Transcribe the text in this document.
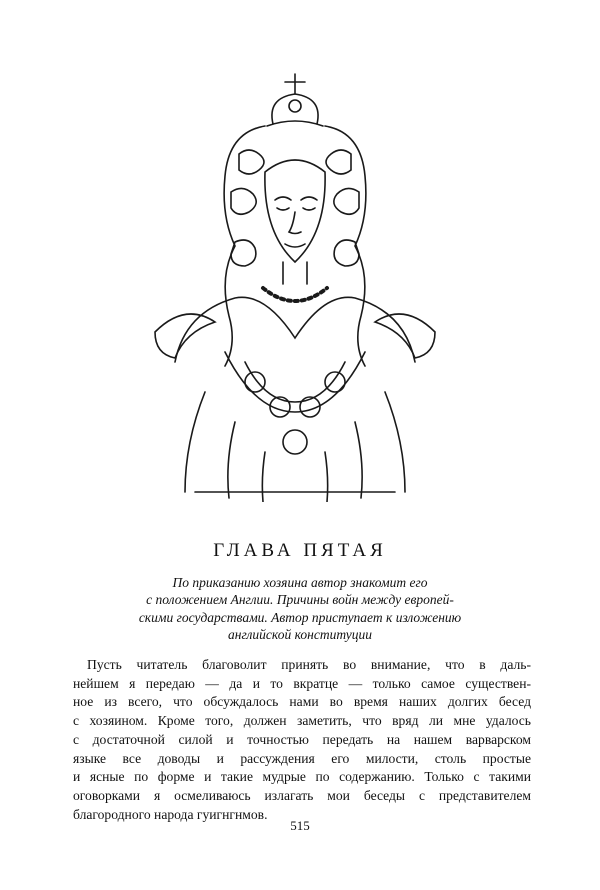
ГЛАВА ПЯТАЯ
По приказанию хозяина автор знакомит его
с положением Англии. Причины войн между европей-
скими государствами. Автор приступает к изложению
английской конституции
Пусть читатель благоволит принять во внимание, что в даль-
нейшем я передаю — да и то вкратце — только самое существен-
ное из всего, что обсуждалось нами во время наших долгих бесед
с хозяином. Кроме того, должен заметить, что вряд ли мне удалось
с достаточной силой и точностью передать на нашем варварском
языке все доводы и рассуждения его милости, столь простые
и ясные по форме и такие мудрые по содержанию. Только с такими
оговорками я осмеливаюсь излагать мои беседы с представителем
благородного народа гуигнгнмов.
515
